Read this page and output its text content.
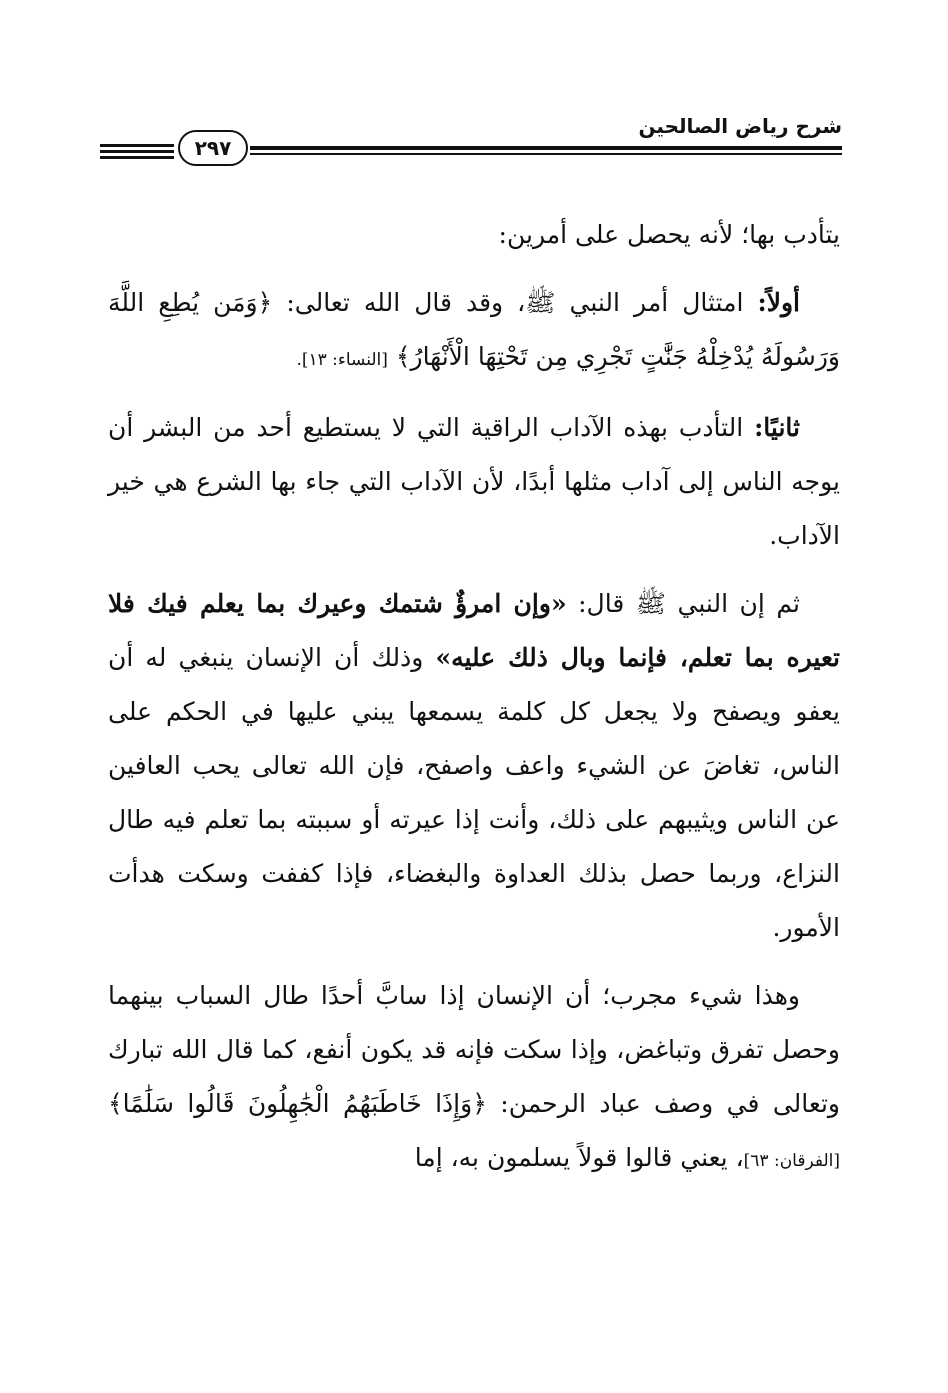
شرح رياض الصالحين
٢٩٧

يتأدب بها؛ لأنه يحصل على أمرين:

أولاً: امتثال أمر النبي ﷺ، وقد قال الله تعالى: ﴿وَمَن يُطِعِ اللَّهَ وَرَسُولَهُ يُدْخِلْهُ جَنَّٰتٍ تَجْرِي مِن تَحْتِهَا الْأَنْهَارُ﴾ [النساء: ١٣].

ثانيًا: التأدب بهذه الآداب الراقية التي لا يستطيع أحد من البشر أن يوجه الناس إلى آداب مثلها أبدًا، لأن الآداب التي جاء بها الشرع هي خير الآداب.

ثم إن النبي ﷺ قال: «وإن امرؤٌ شتمك وعيرك بما يعلم فيك فلا تعيره بما تعلم، فإنما وبال ذلك عليه» وذلك أن الإنسان ينبغي له أن يعفو ويصفح ولا يجعل كل كلمة يسمعها يبني عليها في الحكم على الناس، تغاضَ عن الشيء واعف واصفح، فإن الله تعالى يحب العافين عن الناس ويثيبهم على ذلك، وأنت إذا عيرته أو سببته بما تعلم فيه طال النزاع، وربما حصل بذلك العداوة والبغضاء، فإذا كففت وسكت هدأت الأمور.

وهذا شيء مجرب؛ أن الإنسان إذا سابَّ أحدًا طال السباب بينهما وحصل تفرق وتباغض، وإذا سكت فإنه قد يكون أنفع، كما قال الله تبارك وتعالى في وصف عباد الرحمن: ﴿وَإِذَا خَاطَبَهُمُ الْجَٰهِلُونَ قَالُوا سَلَٰمًا﴾ [الفرقان: ٦٣]، يعني قالوا قولاً يسلمون به، إما
